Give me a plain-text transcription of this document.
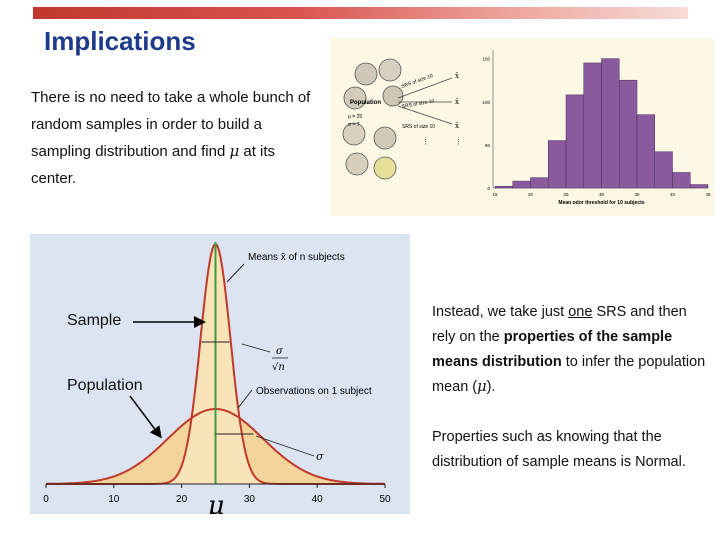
Implications
There is no need to take a whole bunch of random samples in order to build a sampling distribution and find μ at its center.
Population
μ = 25
σ = 7
SRS of size 10
SRS of size 10
SRS of size 10
x̄
x̄
x̄
⋮	⋮
15	20	25	30	35	40	45
0
50
100
150
Mean odor threshold for 10 subjects
0	10	20	30	40	50
Means x̄ of n subjects
Observations on 1 subject
σ
√n
σ
μ
Sample
Population

Instead, we take just one SRS and then rely on the properties of the sample means distribution to infer the population mean (μ).

Properties such as knowing that the distribution of sample means is Normal.
